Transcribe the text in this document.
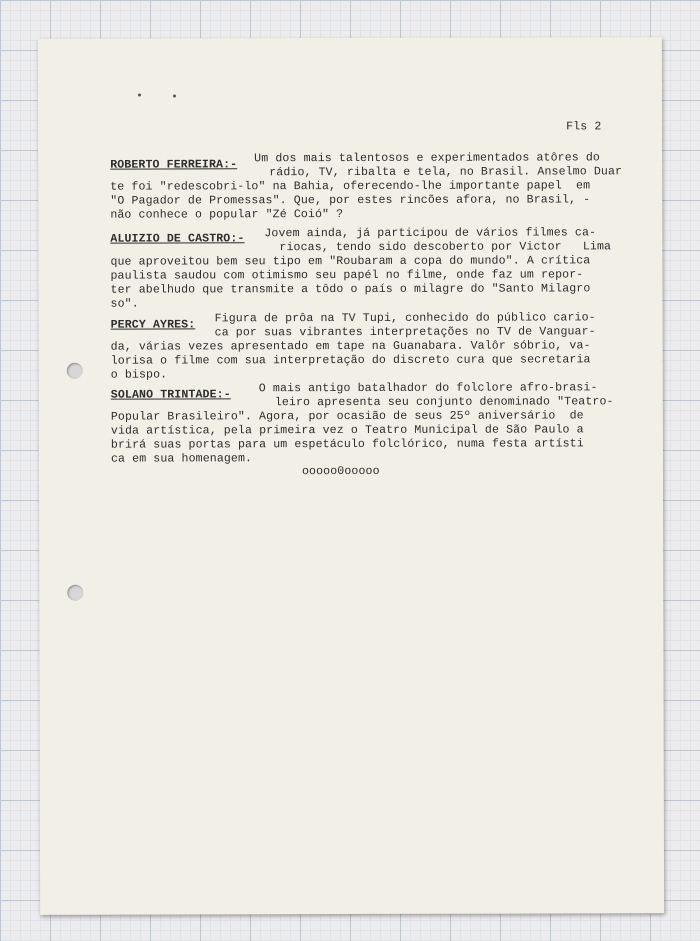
Fls 2
ROBERTO FERREIRA:- Um dos mais talentosos e experimentados atôres do
rádio, TV, ribalta e tela, no Brasil. Anselmo Duar
te foi "redescobri-lo" na Bahia, oferecendo-lhe importante papel  em
"O Pagador de Promessas". Que, por estes rincões afora, no Brasil, -
não conhece o popular "Zé Coió" ?
ALUIZIO DE CASTRO:- Jovem ainda, já participou de vários filmes ca-
riocas, tendo sido descoberto por Victor   Lima
que aproveitou bem seu tipo em "Roubaram a copa do mundo". A crítica
paulista saudou com otimismo seu papél no filme, onde faz um repor-
ter abelhudo que transmite a tôdo o país o milagre do "Santo Milagro
so".
PERCY AYRES: Figura de prôa na TV Tupi, conhecido do público cario-
ca por suas vibrantes interpretações no TV de Vanguar-
da, várias vezes apresentado em tape na Guanabara. Valôr sóbrio, va-
lorisa o filme com sua interpretação do discreto cura que secretaria
o bispo.
SOLANO TRINTADE:- O mais antigo batalhador do folclore afro-brasi-
leiro apresenta seu conjunto denominado "Teatro-
Popular Brasileiro". Agora, por ocasião de seus 25º aniversário  de
vida artística, pela primeira vez o Teatro Municipal de São Paulo a
brirá suas portas para um espetáculo folclórico, numa festa artísti
ca em sua homenagem.
ooooo0ooooo
